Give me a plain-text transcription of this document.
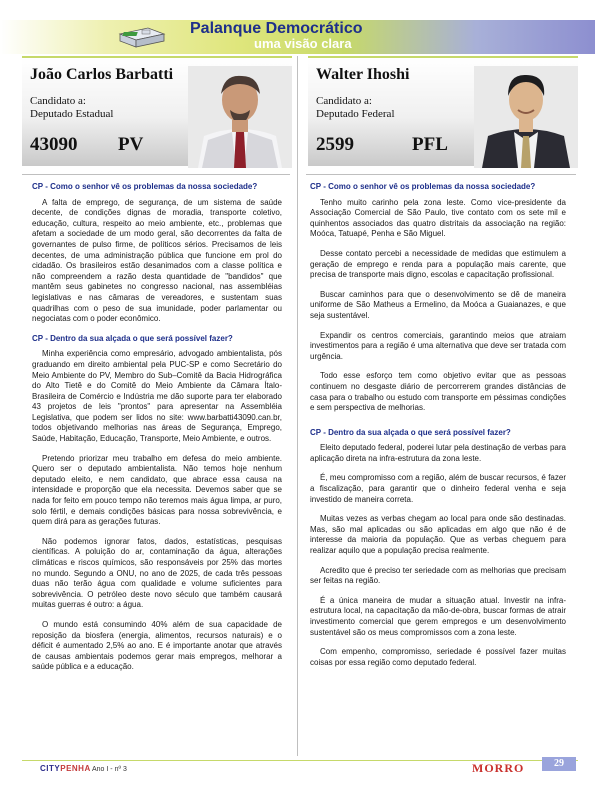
Palanque Democrático
uma visão clara
João Carlos Barbatti
Candidato a:
Deputado Estadual
43090 PV
Walter Ihoshi
Candidato a:
Deputado Federal
2599	PFL
CP - Como o senhor vê os problemas da nossa sociedade?
A falta de emprego, de segurança, de um sistema de saúde decente, de condições dignas de moradia, transporte coletivo, educação, cultura, respeito ao meio ambiente, etc., problemas que afetam a sociedade de um modo geral, são decorrentes da falta de governantes de pulso firme, de políticos sérios. Precisamos de leis decentes, de uma administração pública que funcione em prol do cidadão. Os brasileiros estão desanimados com a classe política e não compreendem a razão desta quantidade de "bandidos" que mantêm seus gabinetes no congresso nacional, nas assembléias legislativas e nas câmaras de vereadores, e sustentam suas quadrilhas com o peso de sua imunidade, poder parlamentar ou negociatas com o poder econômico.
CP - Dentro da sua alçada o que será possível fazer?
Minha experiência como empresário, advogado ambientalista, pós graduando em direito ambiental pela PUC-SP e como Secretário do Meio Ambiente do PV, Membro do Sub–Comitê da Bacia Hidrográfica do Alto Tietê e do Comitê do Meio Ambiente da Câmara Ítalo-Brasileira de Comércio e Indústria me dão suporte para ter elaborado 43 projetos de leis "prontos" para apresentar na Assembléia Legislativa, que podem ser lidos no site: www.barbatti43090.can.br, todos objetivando melhorias nas áreas de Segurança, Emprego, Saúde, Habitação, Educação, Transporte, Meio Ambiente, e outros.
Pretendo priorizar meu trabalho em defesa do meio ambiente. Quero ser o deputado ambientalista. Não temos hoje nenhum deputado eleito, e nem candidato, que abrace essa causa na intensidade e proporção que ela necessita. Devemos saber que se nada for feito em pouco tempo não teremos mais água limpa, ar puro, solo fértil, e demais condições básicas para nossa sobrevivência, e quem dirá para as gerações futuras.
Não podemos ignorar fatos, dados, estatísticas, pesquisas científicas. A poluição do ar, contaminação da água, alterações climáticas e riscos químicos, são responsáveis por 25% das mortes no mundo. Segundo a ONU, no ano de 2025, de cada três pessoas duas não terão água com qualidade e volume suficientes para sobrevivência. O petróleo deste novo século que também causará muitas guerras é outro: a água.
O mundo está consumindo 40% além de sua capacidade de reposição da biosfera (energia, alimentos, recursos naturais) e o déficit é aumentado 2,5% ao ano. E é importante anotar que através de causas ambientais podemos gerar mais empregos, melhorar a saúde pública e a educação.
CP - Como o senhor vê os problemas da nossa sociedade?
Tenho muito carinho pela zona leste. Como vice-presidente da Associação Comercial de São Paulo, tive contato com os sete mil e quinhentos associados das quatro distritais da associação na região: Moóca, Tatuapé, Penha e São Miguel.
Desse contato percebi a necessidade de medidas que estimulem a geração de emprego e renda para a população mais carente, que precisa de transporte mais digno, escolas e capacitação profissional.
Buscar caminhos para que o desenvolvimento se dê de maneira uniforme de São Matheus a Ermelino, da Moóca a Guaianazes, e que seja sustentável.
Expandir os centros comerciais, garantindo meios que atraiam investimentos para a região é uma alternativa que deve ser tratada com urgência.
Todo esse esforço tem como objetivo evitar que as pessoas continuem no desgaste diário de percorrerem grandes distâncias de casa para o trabalho ou estudo com transporte em péssimas condições e sem perspectiva de melhorias.
CP - Dentro da sua alçada o que será possível fazer?
Eleito deputado federal, poderei lutar pela destinação de verbas para aplicação direta na infra-estrutura da zona leste.
É, meu compromisso com a região, além de buscar recursos, é fazer a fiscalização, para garantir que o dinheiro federal venha e seja investido de maneira correta.
Muitas vezes as verbas chegam ao local para onde são destinadas. Mas, são mal aplicadas ou são aplicadas em algo que não é de interesse da maioria da população. Que as verbas cheguem para realizar aquilo que a população precisa realmente.
Acredito que é preciso ter seriedade com as melhorias que precisam ser feitas na região.
É a única maneira de mudar a situação atual. Investir na infra-estrutura local, na capacitação da mão-de-obra, buscar formas de atrair investimento comercial que gerem empregos e um desenvolvimento sustentável são os meus compromissos com a zona leste.
Com empenho, compromisso, seriedade é possível fazer muitas coisas por essa região como deputado federal.
CITYPENHA Ano I - nº 3	MORRO	29
